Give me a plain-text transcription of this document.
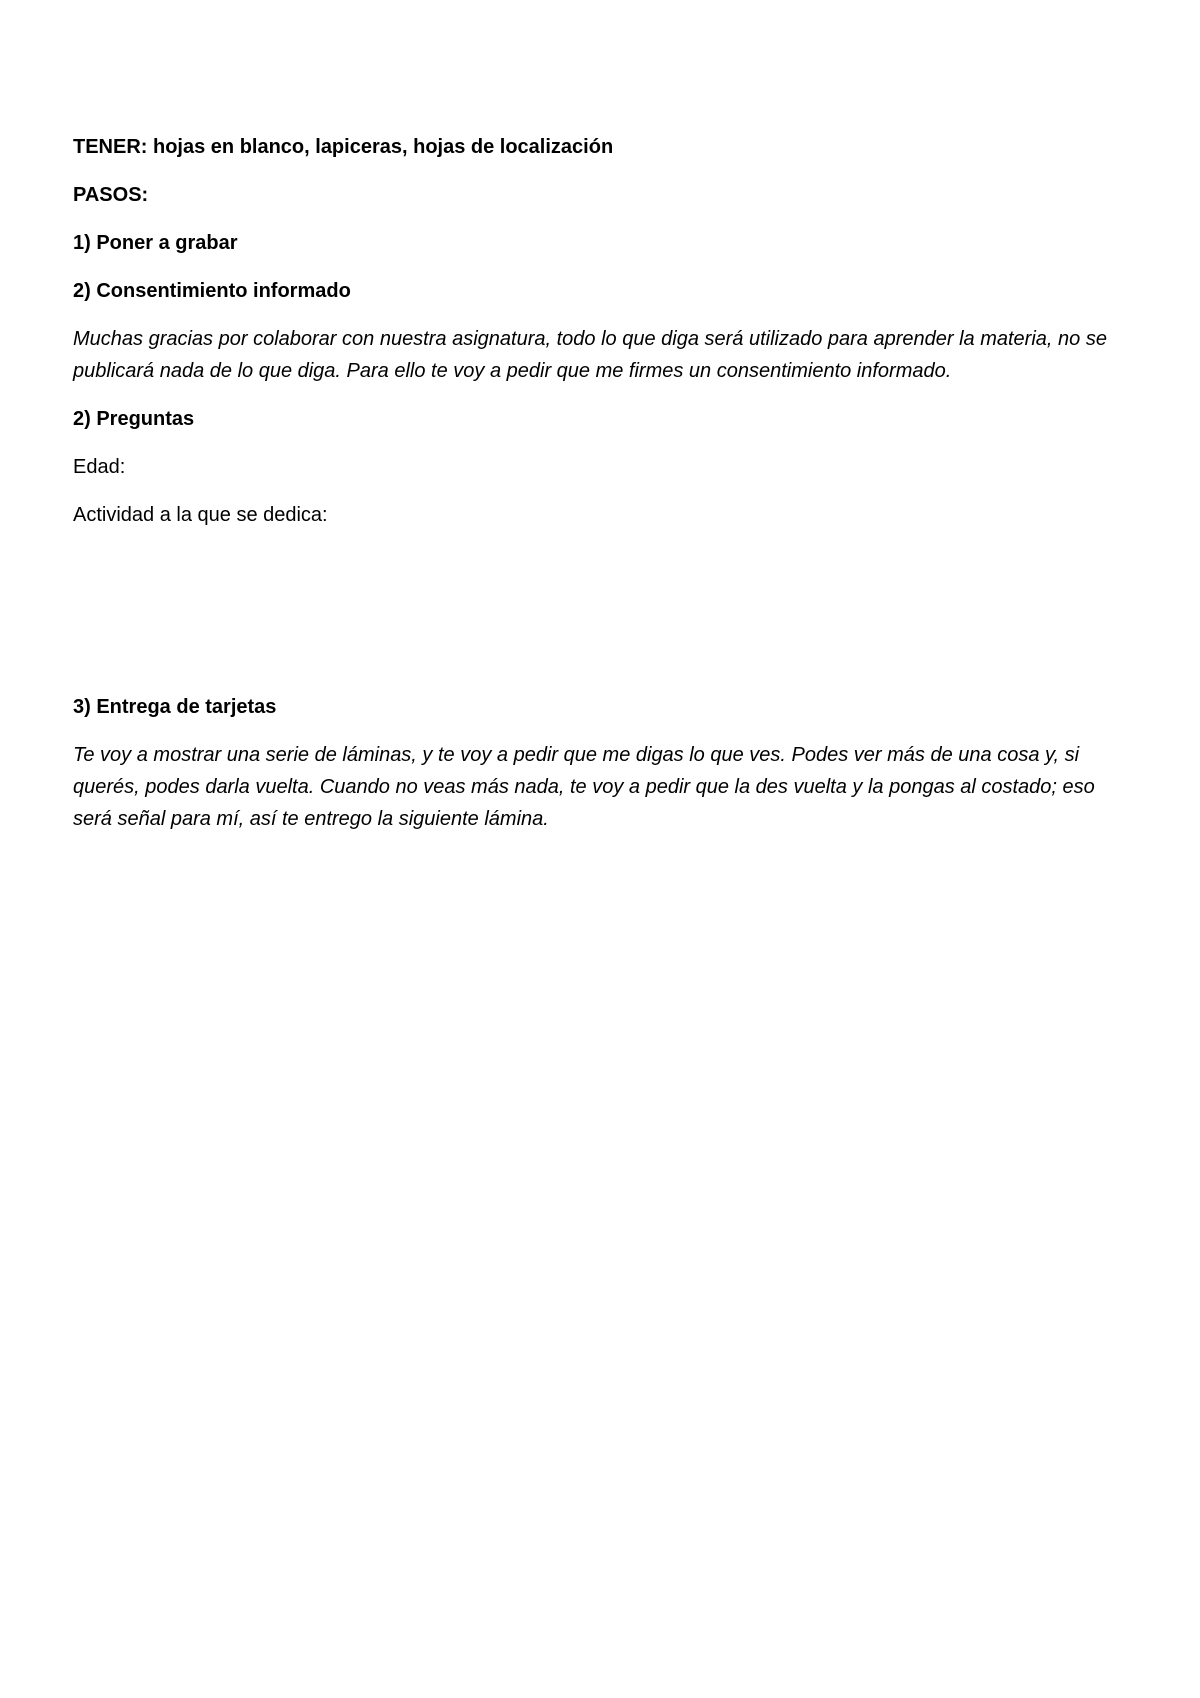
TENER: hojas en blanco, lapiceras, hojas de localización

PASOS:

1) Poner a grabar

2) Consentimiento informado

Muchas gracias por colaborar con nuestra asignatura, todo lo que diga será utilizado para aprender la materia, no se publicará nada de lo que diga. Para ello te voy a pedir que me firmes un consentimiento informado.

2) Preguntas

Edad:

Actividad a la que se dedica:

3) Entrega de tarjetas

Te voy a mostrar una serie de láminas, y te voy a pedir que me digas lo que ves. Podes ver más de una cosa y, si querés, podes darla vuelta. Cuando no veas más nada, te voy a pedir que la des vuelta y la pongas al costado; eso será señal para mí, así te entrego la siguiente lámina.
